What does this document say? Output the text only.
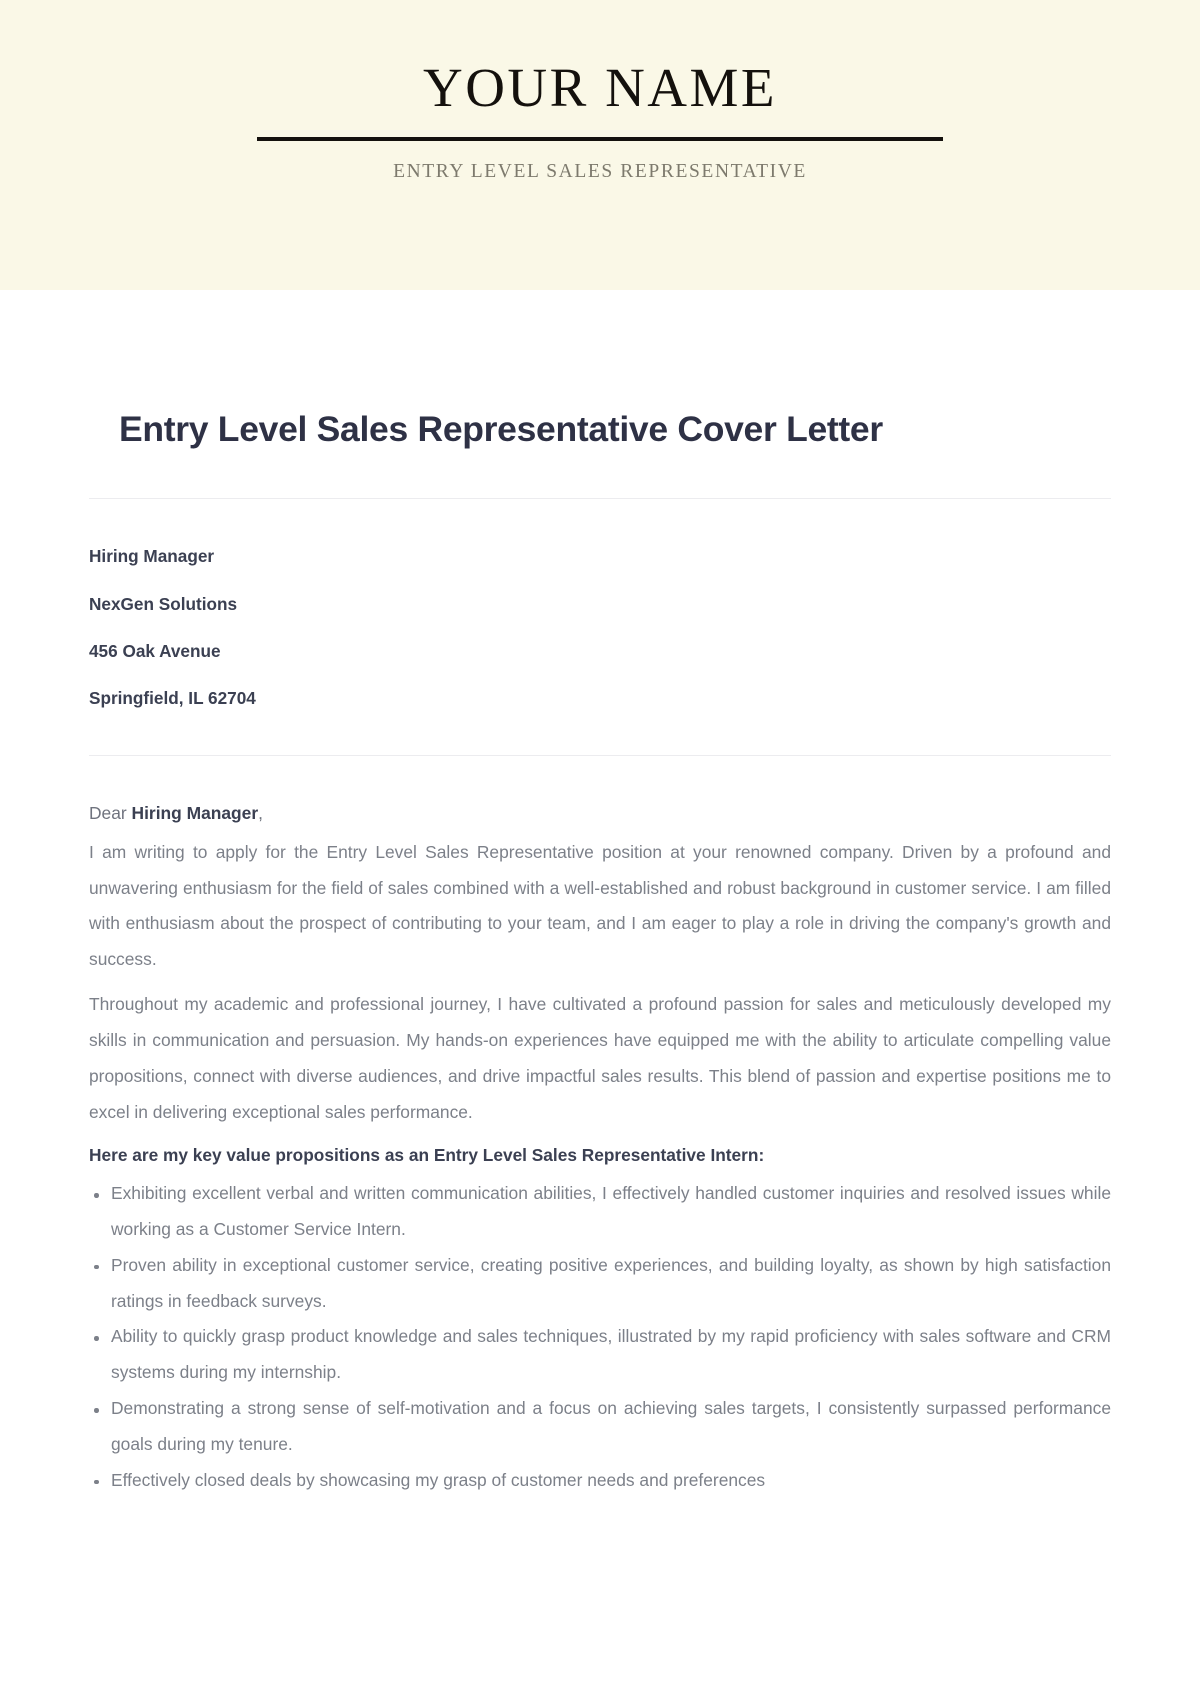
YOUR NAME
ENTRY LEVEL SALES REPRESENTATIVE
Entry Level Sales Representative Cover Letter
Hiring Manager
NexGen Solutions
456 Oak Avenue
Springfield, IL 62704

Dear Hiring Manager,

I am writing to apply for the Entry Level Sales Representative position at your renowned company. Driven by a profound and unwavering enthusiasm for the field of sales combined with a well-established and robust background in customer service. I am filled with enthusiasm about the prospect of contributing to your team, and I am eager to play a role in driving the company's growth and success.

Throughout my academic and professional journey, I have cultivated a profound passion for sales and meticulously developed my skills in communication and persuasion. My hands-on experiences have equipped me with the ability to articulate compelling value propositions, connect with diverse audiences, and drive impactful sales results. This blend of passion and expertise positions me to excel in delivering exceptional sales performance.

Here are my key value propositions as an Entry Level Sales Representative Intern:

Exhibiting excellent verbal and written communication abilities, I effectively handled customer inquiries and resolved issues while working as a Customer Service Intern.
Proven ability in exceptional customer service, creating positive experiences, and building loyalty, as shown by high satisfaction ratings in feedback surveys.
Ability to quickly grasp product knowledge and sales techniques, illustrated by my rapid proficiency with sales software and CRM systems during my internship.
Demonstrating a strong sense of self-motivation and a focus on achieving sales targets, I consistently surpassed performance goals during my tenure.
Effectively closed deals by showcasing my grasp of customer needs and preferences
